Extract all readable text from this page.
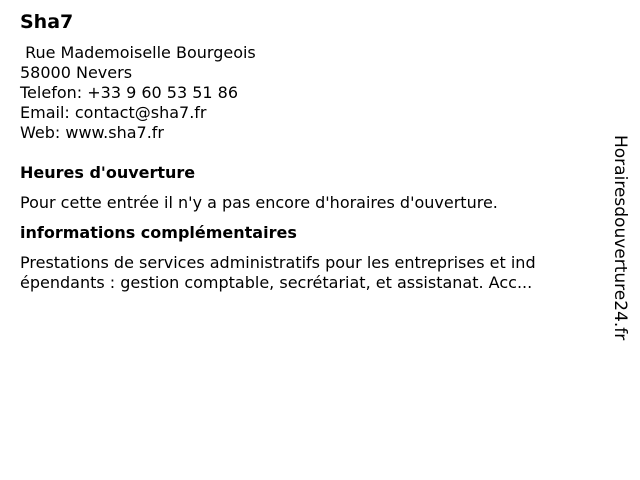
Sha7
Rue Mademoiselle Bourgeois
58000 Nevers
Telefon: +33 9 60 53 51 86
Email: contact@sha7.fr
Web: www.sha7.fr
Heures d'ouverture
Pour cette entrée il n'y a pas encore d'horaires d'ouverture.
informations complémentaires
Prestations de services administratifs pour les entreprises et ind
épendants : gestion comptable, secrétariat, et assistanat. Acc...	Horairesdouverture24.fr
